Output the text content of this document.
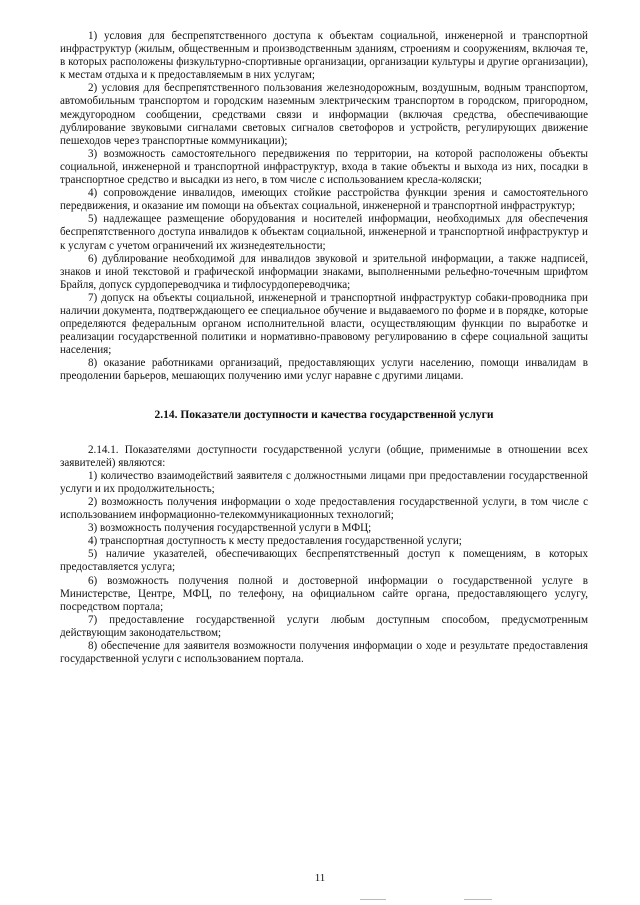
1) условия для беспрепятственного доступа к объектам социальной, инженерной и транспортной инфраструктур (жилым, общественным и производственным зданиям, строениям и сооружениям, включая те, в которых расположены физкультурно-спортивные организации, организации культуры и другие организации), к местам отдыха и к предоставляемым в них услугам;

2) условия для беспрепятственного пользования железнодорожным, воздушным, водным транспортом, автомобильным транспортом и городским наземным электрическим транспортом в городском, пригородном, междугородном сообщении, средствами связи и информации (включая средства, обеспечивающие дублирование звуковыми сигналами световых сигналов светофоров и устройств, регулирующих движение пешеходов через транспортные коммуникации);

3) возможность самостоятельного передвижения по территории, на которой расположены объекты социальной, инженерной и транспортной инфраструктур, входа в такие объекты и выхода из них, посадки в транспортное средство и высадки из него, в том числе с использованием кресла-коляски;

4) сопровождение инвалидов, имеющих стойкие расстройства функции зрения и самостоятельного передвижения, и оказание им помощи на объектах социальной, инженерной и транспортной инфраструктур;

5) надлежащее размещение оборудования и носителей информации, необходимых для обеспечения беспрепятственного доступа инвалидов к объектам социальной, инженерной и транспортной инфраструктур и к услугам с учетом ограничений их жизнедеятельности;

6) дублирование необходимой для инвалидов звуковой и зрительной информации, а также надписей, знаков и иной текстовой и графической информации знаками, выполненными рельефно-точечным шрифтом Брайля, допуск сурдопереводчика и тифлосурдопереводчика;

7) допуск на объекты социальной, инженерной и транспортной инфраструктур собаки-проводника при наличии документа, подтверждающего ее специальное обучение и выдаваемого по форме и в порядке, которые определяются федеральным органом исполнительной власти, осуществляющим функции по выработке и реализации государственной политики и нормативно-правовому регулированию в сфере социальной защиты населения;

8) оказание работниками организаций, предоставляющих услуги населению, помощи инвалидам в преодолении барьеров, мешающих получению ими услуг наравне с другими лицами.

2.14. Показатели доступности и качества государственной услуги

2.14.1. Показателями доступности государственной услуги (общие, применимые в отношении всех заявителей) являются:

1) количество взаимодействий заявителя с должностными лицами при предоставлении государственной услуги и их продолжительность;

2) возможность получения информации о ходе предоставления государственной услуги, в том числе с использованием информационно-телекоммуникационных технологий;

3) возможность получения государственной услуги в МФЦ;

4) транспортная доступность к месту предоставления государственной услуги;

5) наличие указателей, обеспечивающих беспрепятственный доступ к помещениям, в которых предоставляется услуга;

6) возможность получения полной и достоверной информации о государственной услуге в Министерстве, Центре, МФЦ, по телефону, на официальном сайте органа, предоставляющего услугу, посредством портала;

7) предоставление государственной услуги любым доступным способом, предусмотренным действующим законодательством;

8) обеспечение для заявителя возможности получения информации о ходе и результате предоставления государственной услуги с использованием портала.

11
